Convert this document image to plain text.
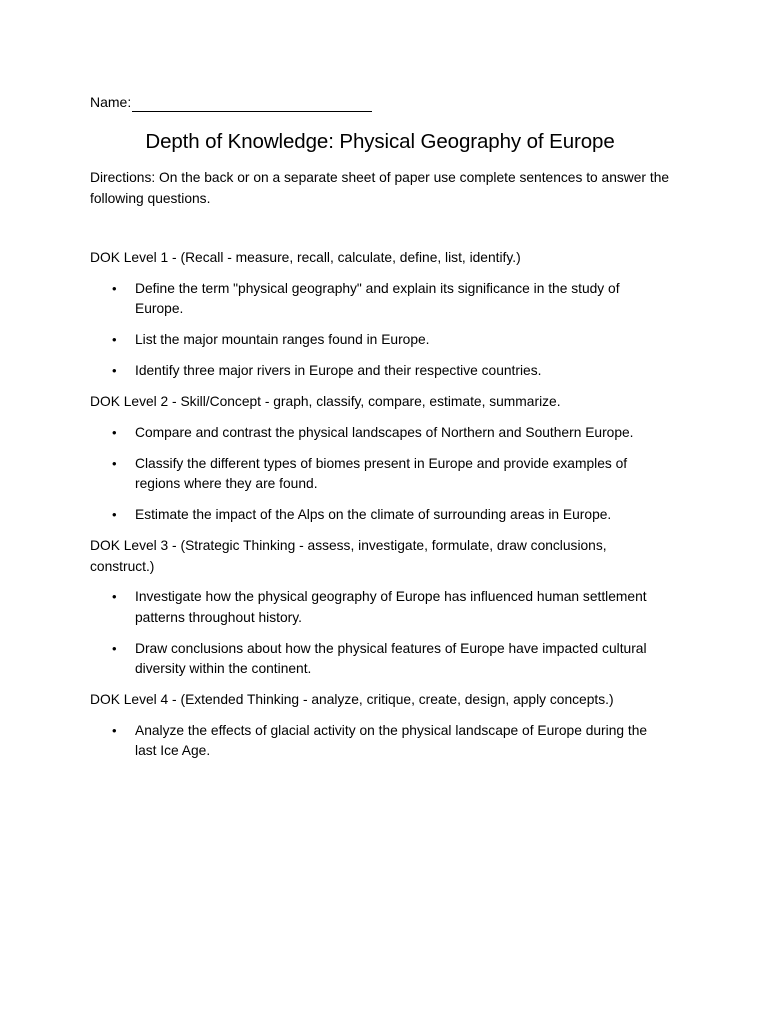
Name:
Depth of Knowledge: Physical Geography of Europe
Directions: On the back or on a separate sheet of paper use complete sentences to answer the following questions.
DOK Level 1 - (Recall - measure, recall, calculate, define, list, identify.)
• Define the term "physical geography" and explain its significance in the study of Europe.
• List the major mountain ranges found in Europe.
• Identify three major rivers in Europe and their respective countries.
DOK Level 2 - Skill/Concept - graph, classify, compare, estimate, summarize.
• Compare and contrast the physical landscapes of Northern and Southern Europe.
• Classify the different types of biomes present in Europe and provide examples of regions where they are found.
• Estimate the impact of the Alps on the climate of surrounding areas in Europe.
DOK Level 3 - (Strategic Thinking - assess, investigate, formulate, draw conclusions, construct.)
• Investigate how the physical geography of Europe has influenced human settlement patterns throughout history.
• Draw conclusions about how the physical features of Europe have impacted cultural diversity within the continent.
DOK Level 4 - (Extended Thinking - analyze, critique, create, design, apply concepts.)
• Analyze the effects of glacial activity on the physical landscape of Europe during the last Ice Age.
